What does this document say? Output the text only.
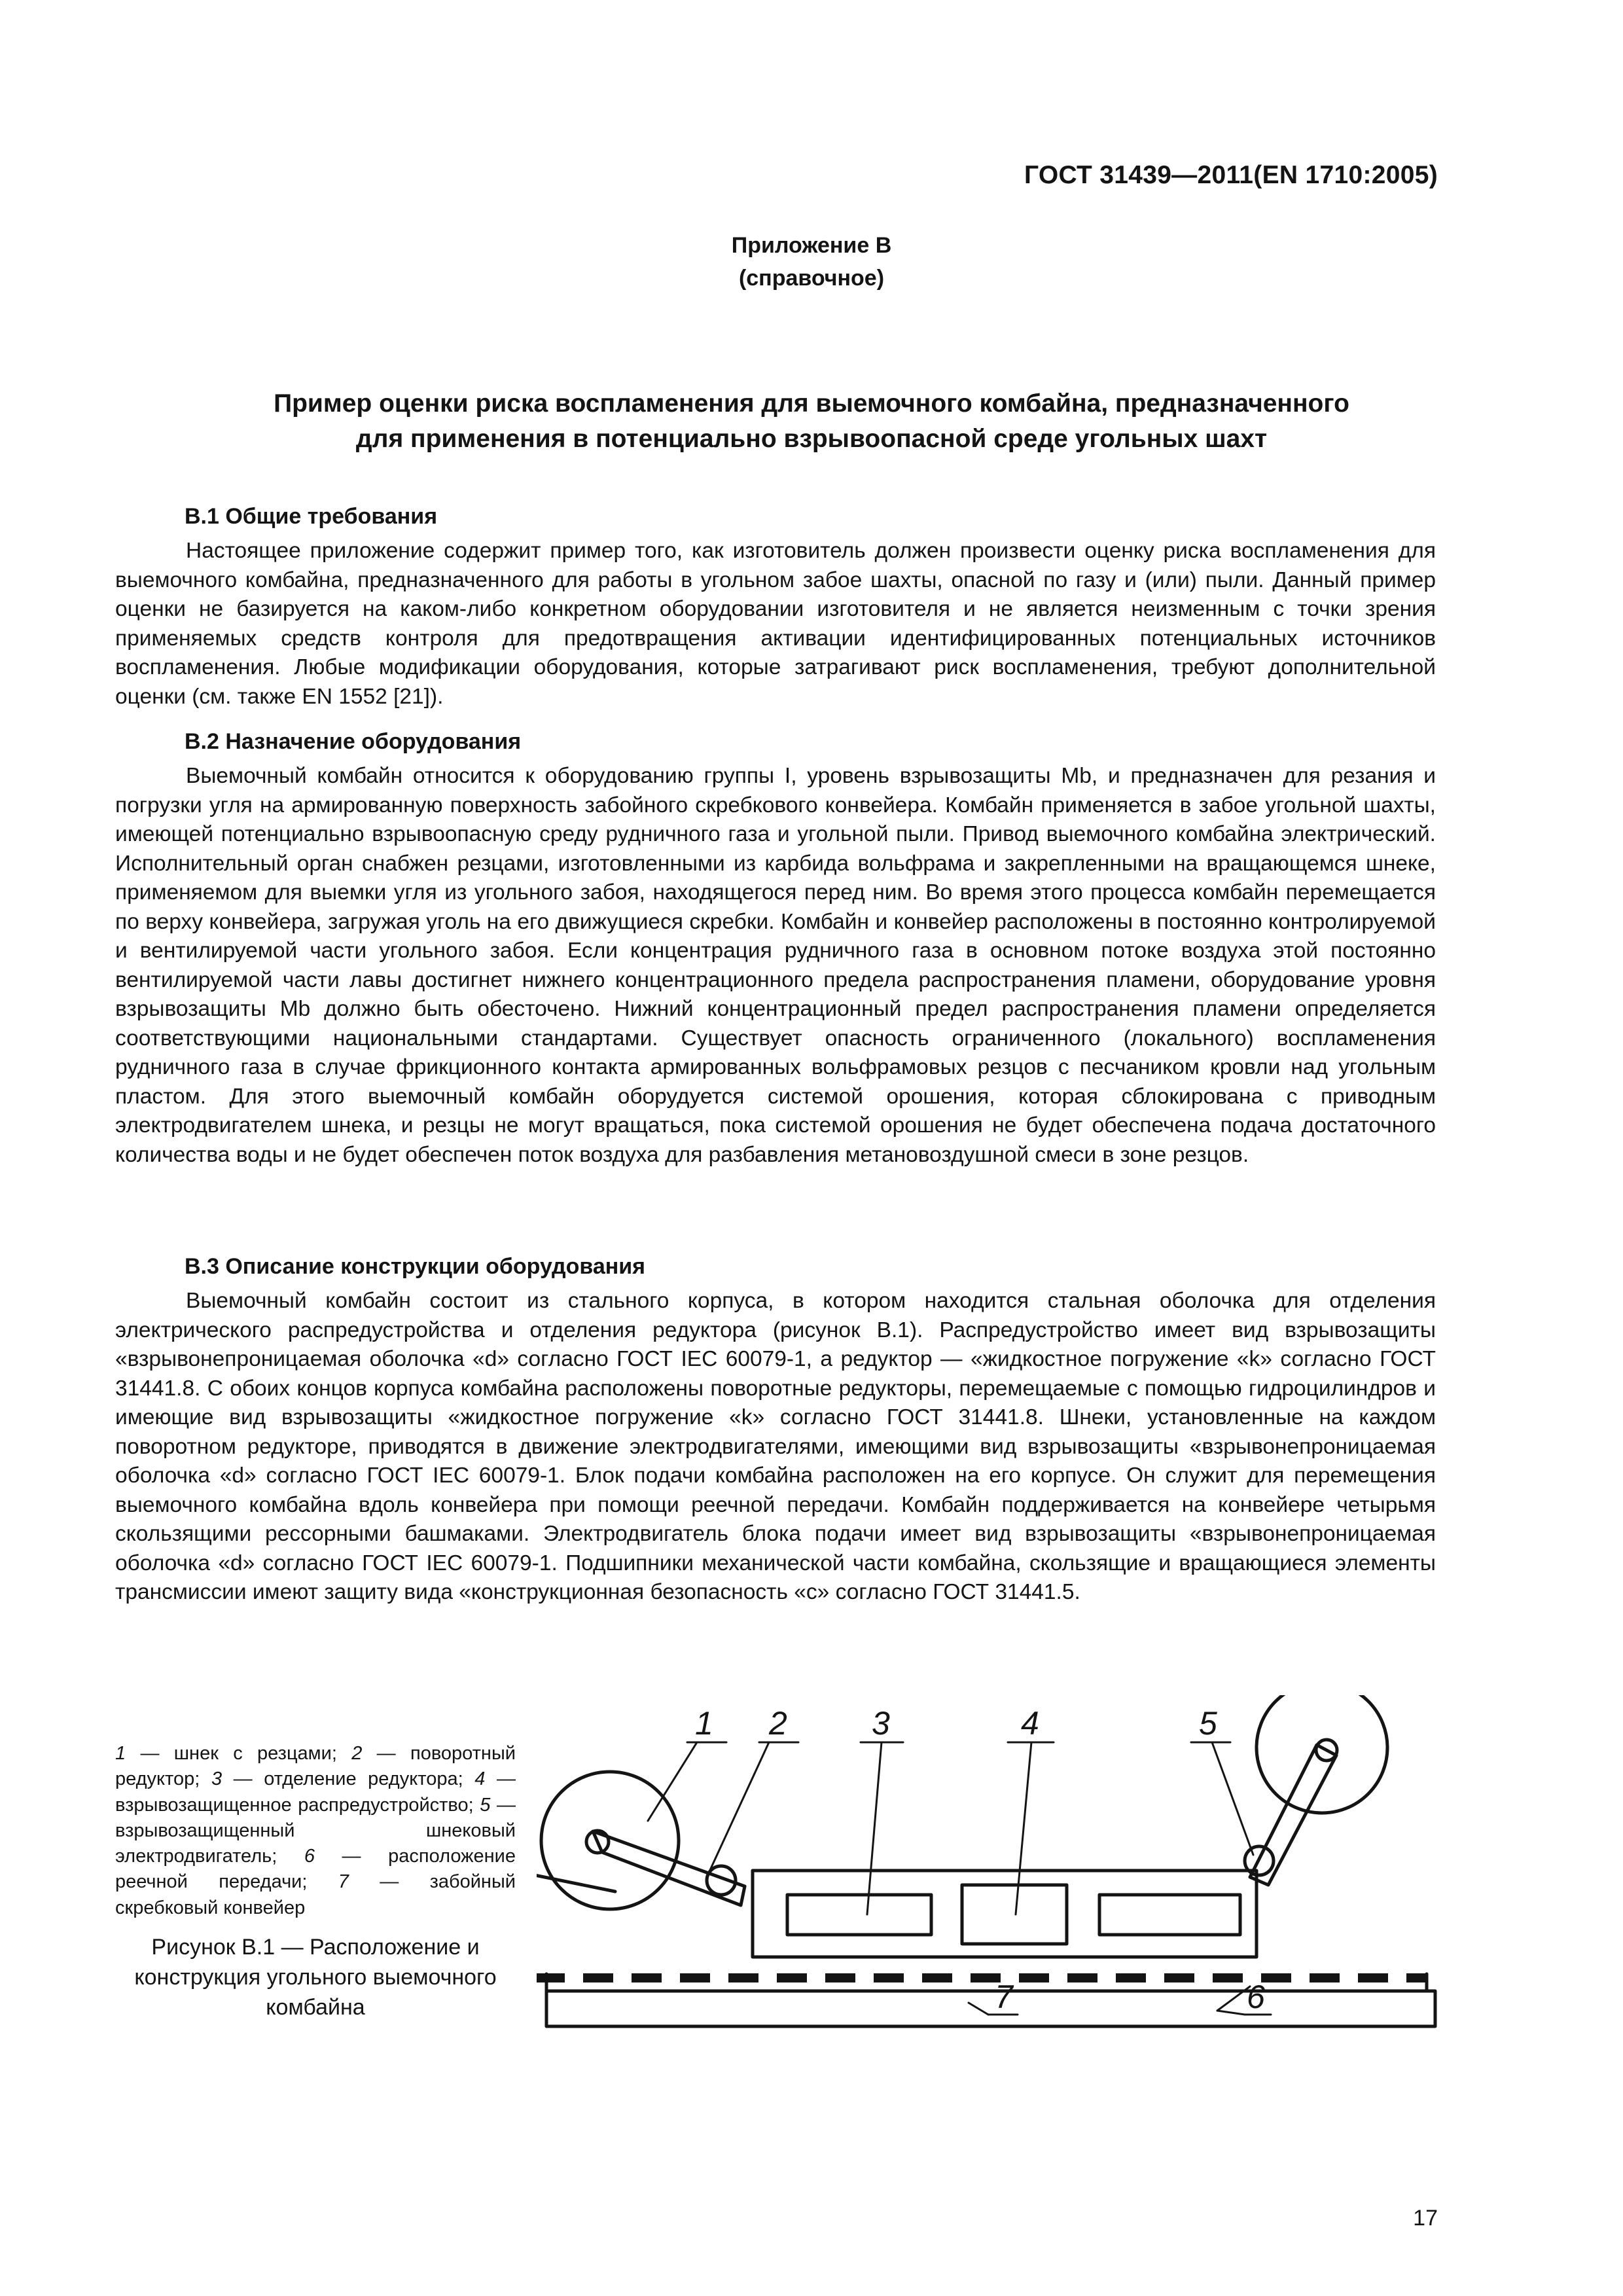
ГОСТ 31439—2011(EN 1710:2005)
Приложение В
(справочное)
Пример оценки риска воспламенения для выемочного комбайна, предназначенного
для применения в потенциально взрывоопасной среде угольных шахт
В.1 Общие требования

Настоящее приложение содержит пример того, как изготовитель должен произвести оценку риска воспламенения для выемочного комбайна, предназначенного для работы в угольном забое шахты, опасной по газу и (или) пыли. Данный пример оценки не базируется на каком-либо конкретном оборудовании изготовителя и не является неизменным с точки зрения применяемых средств контроля для предотвращения активации идентифицированных потенциальных источников воспламенения. Любые модификации оборудования, которые затрагивают риск воспламенения, требуют дополнительной оценки (см. также EN 1552 [21]).

В.2 Назначение оборудования

Выемочный комбайн относится к оборудованию группы I, уровень взрывозащиты Mb, и предназначен для резания и погрузки угля на армированную поверхность забойного скребкового конвейера. Комбайн применяется в забое угольной шахты, имеющей потенциально взрывоопасную среду рудничного газа и угольной пыли. Привод выемочного комбайна электрический. Исполнительный орган снабжен резцами, изготовленными из карбида вольфрама и закрепленными на вращающемся шнеке, применяемом для выемки угля из угольного забоя, находящегося перед ним. Во время этого процесса комбайн перемещается по верху конвейера, загружая уголь на его движущиеся скребки. Комбайн и конвейер расположены в постоянно контролируемой и вентилируемой части угольного забоя. Если концентрация рудничного газа в основном потоке воздуха этой постоянно вентилируемой части лавы достигнет нижнего концентрационного предела распространения пламени, оборудование уровня взрывозащиты Mb должно быть обесточено. Нижний концентрационный предел распространения пламени определяется соответствующими национальными стандартами. Существует опасность ограниченного (локального) воспламенения рудничного газа в случае фрикционного контакта армированных вольфрамовых резцов с песчаником кровли над угольным пластом. Для этого выемочный комбайн оборудуется системой орошения, которая сблокирована с приводным электродвигателем шнека, и резцы не могут вращаться, пока системой орошения не будет обеспечена подача достаточного количества воды и не будет обеспечен поток воздуха для разбавления метановоздушной смеси в зоне резцов.

В.3 Описание конструкции оборудования

Выемочный комбайн состоит из стального корпуса, в котором находится стальная оболочка для отделения электрического распредустройства и отделения редуктора (рисунок В.1). Распредустройство имеет вид взрывозащиты «взрывонепроницаемая оболочка «d» согласно ГОСТ IEC 60079-1, а редуктор — «жидкостное погружение «k» согласно ГОСТ 31441.8. С обоих концов корпуса комбайна расположены поворотные редукторы, перемещаемые с помощью гидроцилиндров и имеющие вид взрывозащиты «жидкостное погружение «k» согласно ГОСТ 31441.8. Шнеки, установленные на каждом поворотном редукторе, приводятся в движение электродвигателями, имеющими вид взрывозащиты «взрывонепроницаемая оболочка «d» согласно ГОСТ IEC 60079-1. Блок подачи комбайна расположен на его корпусе. Он служит для перемещения выемочного комбайна вдоль конвейера при помощи реечной передачи. Комбайн поддерживается на конвейере четырьмя скользящими рессорными башмаками. Электродвигатель блока подачи имеет вид взрывозащиты «взрывонепроницаемая оболочка «d» согласно ГОСТ IEC 60079-1. Подшипники механической части комбайна, скользящие и вращающиеся элементы трансмиссии имеют защиту вида «конструкционная безопасность «c» согласно ГОСТ 31441.5.

1 — шнек с резцами; 2 — поворотный редуктор; 3 — отделение редуктора; 4 — взрывозащищенное распредустройство; 5 — взрывозащищенный шнековый электродвигатель; 6 — расположение реечной передачи; 7 — забойный скребковый конвейер
Рисунок В.1 — Расположение и конструкция угольного выемочного комбайна
1 2	3	4	5
6
7
17
